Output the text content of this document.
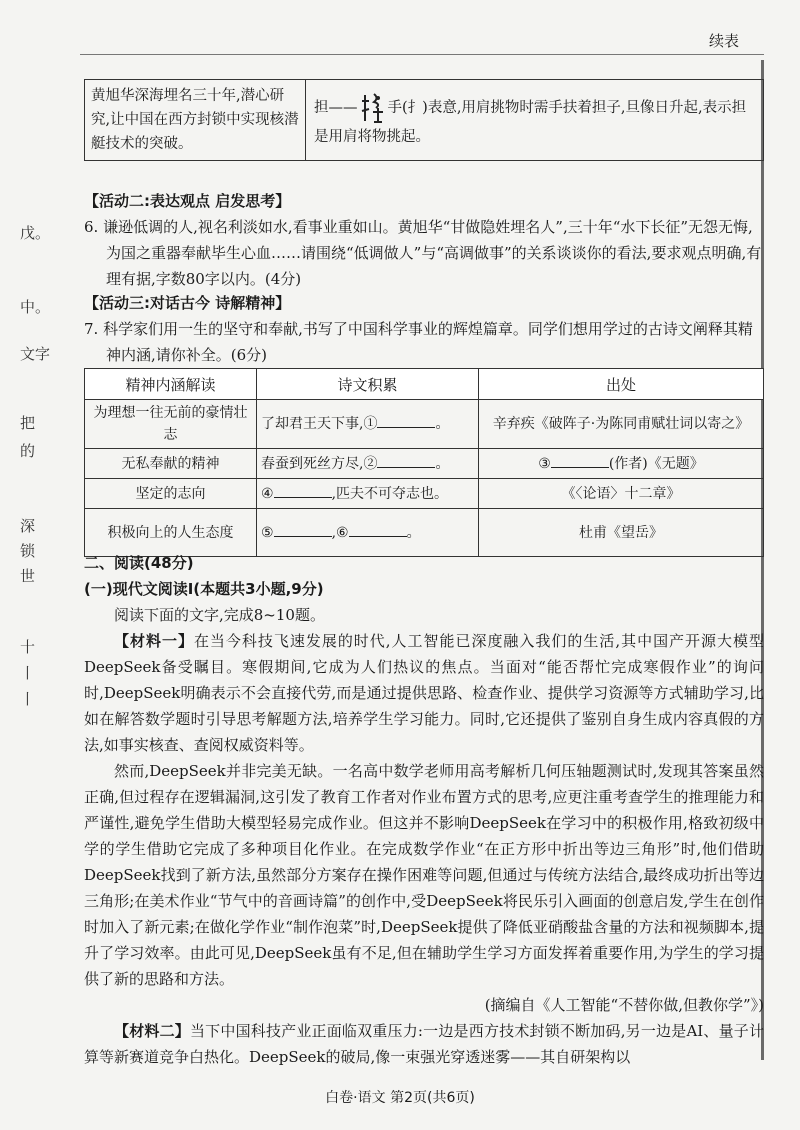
续表
戊。
中。
文字
把
的
深
锁
世
十
丨
丨
黄旭华深海埋名三十年,潜心研究,让中国在西方封锁中实现核潜艇技术的突破。	担—— 手(扌)表意,用肩挑物时需手扶着担子,旦像日升起,表示担是用肩将物挑起。
【活动二:表达观点 启发思考】
6. 谦逊低调的人,视名利淡如水,看事业重如山。黄旭华“甘做隐姓埋名人”,三十年“水下长征”无怨无悔,为国之重器奉献毕生心血……请围绕“低调做人”与“高调做事”的关系谈谈你的看法,要求观点明确,有理有据,字数80字以内。(4分)
【活动三:对话古今 诗解精神】
7. 科学家们用一生的坚守和奉献,书写了中国科学事业的辉煌篇章。同学们想用学过的古诗文阐释其精神内涵,请你补全。(6分)
精神内涵解读	诗文积累	出处
为理想一往无前的豪情壮志	了却君王天下事,① 。	辛弃疾《破阵子·为陈同甫赋壮词以寄之》
无私奉献的精神	春蚕到死丝方尽,② 。	③ (作者)《无题》
坚定的志向	④ ,匹夫不可夺志也。	《〈论语〉十二章》
积极向上的人生态度	⑤ ,⑥ 。	杜甫《望岳》
二、阅读(48分)
(一)现代文阅读Ⅰ(本题共3小题,9分)
阅读下面的文字,完成8~10题。
【材料一】在当今科技飞速发展的时代,人工智能已深度融入我们的生活,其中国产开源大模型DeepSeek备受瞩目。寒假期间,它成为人们热议的焦点。当面对“能否帮忙完成寒假作业”的询问时,DeepSeek明确表示不会直接代劳,而是通过提供思路、检查作业、提供学习资源等方式辅助学习,比如在解答数学题时引导思考解题方法,培养学生学习能力。同时,它还提供了鉴别自身生成内容真假的方法,如事实核查、查阅权威资料等。
然而,DeepSeek并非完美无缺。一名高中数学老师用高考解析几何压轴题测试时,发现其答案虽然正确,但过程存在逻辑漏洞,这引发了教育工作者对作业布置方式的思考,应更注重考查学生的推理能力和严谨性,避免学生借助大模型轻易完成作业。但这并不影响DeepSeek在学习中的积极作用,格致初级中学的学生借助它完成了多种项目化作业。在完成数学作业“在正方形中折出等边三角形”时,他们借助DeepSeek找到了新方法,虽然部分方案存在操作困难等问题,但通过与传统方法结合,最终成功折出等边三角形;在美术作业“节气中的音画诗篇”的创作中,受DeepSeek将民乐引入画面的创意启发,学生在创作时加入了新元素;在做化学作业“制作泡菜”时,DeepSeek提供了降低亚硝酸盐含量的方法和视频脚本,提升了学习效率。由此可见,DeepSeek虽有不足,但在辅助学生学习方面发挥着重要作用,为学生的学习提供了新的思路和方法。
(摘编自《人工智能“不替你做,但教你学”》)
【材料二】当下中国科技产业正面临双重压力:一边是西方技术封锁不断加码,另一边是AI、量子计算等新赛道竞争白热化。DeepSeek的破局,像一束强光穿透迷雾——其自研架构以
白卷·语文 第2页(共6页)
